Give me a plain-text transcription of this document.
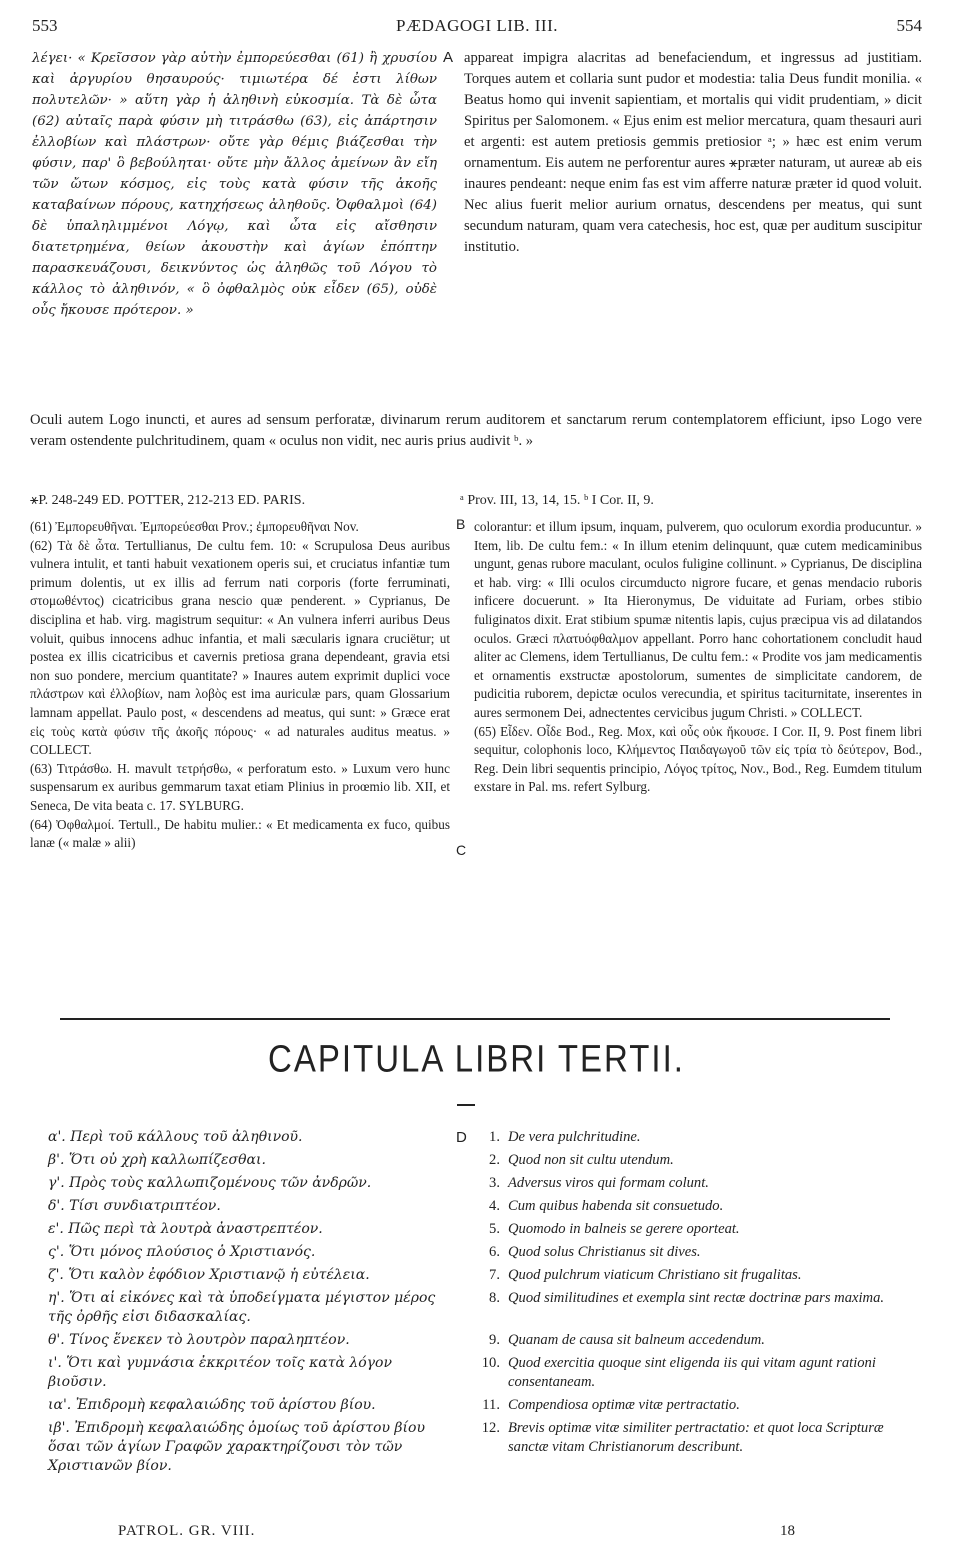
553	PÆDAGOGI LIB. III.	554
λέγει· « Κρεῖσσον γὰρ αὐτὴν ἐμπορεύεσθαι (61) ἢ χρυσίου καὶ ἀργυρίου θησαυρούς· τιμιωτέρα δέ ἐστι λίθων πολυτελῶν· » αὕτη γὰρ ἡ ἀληθινὴ εὐκοσμία. Τὰ δὲ ὦτα (62) αὐταῖς παρὰ φύσιν μὴ τιτράσθω (63), εἰς ἀπάρτησιν ἐλλοβίων καὶ πλάστρων· οὔτε γὰρ θέμις βιάζεσθαι τὴν φύσιν, παρ' ὃ βεβούληται· οὔτε μὴν ἄλλος ἀμείνων ἂν εἴη τῶν ὤτων κόσμος, εἰς τοὺς κατὰ φύσιν τῆς ἀκοῆς καταβαίνων πόρους, κατηχήσεως ἀληθοῦς. Ὀφθαλμοὶ (64) δὲ ὑπαληλιμμένοι Λόγῳ, καὶ ὦτα εἰς αἴσθησιν διατετρημένα, θείων ἀκουστὴν καὶ ἁγίων ἐπόπτην παρασκευάζουσι, δεικνύντος ὡς ἀληθῶς τοῦ Λόγου τὸ κάλλος τὸ ἀληθινόν, « ὃ ὀφθαλμὸς οὐκ εἶδεν (65), οὐδὲ οὖς ἤκουσε πρότερον. »
A appareat impigra alacritas ad benefaciendum, et ingressus ad justitiam. Torques autem et collaria sunt pudor et modestia: talia Deus fundit monilia. « Beatus homo qui invenit sapientiam, et mortalis qui vidit prudentiam, » dicit Spiritus per Salomonem. « Ejus enim est melior mercatura, quam thesauri auri et argenti: est autem pretiosis gemmis pretiosior ᵃ; » hæc est enim verum ornamentum. Eis autem ne perforentur aures ⚹præter naturam, ut aureæ ab eis inaures pendeant: neque enim fas est vim afferre naturæ præter id quod voluit. Nec alius fuerit melior aurium ornatus, descendens per meatus, qui sunt secundum naturam, quam vera catechesis, hoc est, quæ per auditum suscipitur institutio.
Oculi autem Logo inuncti, et aures ad sensum perforatæ, divinarum rerum auditorem et sanctarum rerum contemplatorem efficiunt, ipso Logo vere veram ostendente pulchritudinem, quam « oculus non vidit, nec auris prius audivit ᵇ. »
⚹P. 248-249 ED. POTTER, 212-213 ED. PARIS.	ᵃ Prov. III, 13, 14, 15. ᵇ I Cor. II, 9.
B
C

(61) Ἐμπορευθῆναι. Ἐμπορεύεσθαι Prov.; ἐμπορευθῆναι Nov.

(62) Τὰ δὲ ὦτα. Tertullianus, De cultu fem. 10: « Scrupulosa Deus auribus vulnera intulit, et tanti habuit vexationem operis sui, et cruciatus infantiæ tum primum dolentis, ut ex illis ad ferrum nati corporis (forte ferruminati, στομωθέντος) cicatricibus grana nescio quæ penderent. » Cyprianus, De disciplina et hab. virg. magistrum sequitur: « An vulnera inferri auribus Deus voluit, quibus innocens adhuc infantia, et mali sæcularis ignara cruciëtur; ut postea ex illis cicatricibus et cavernis pretiosa grana dependeant, gravia etsi non suo pondere, mercium quantitate? » Inaures autem exprimit duplici voce πλάστρων καὶ ἐλλοβίων, nam λοβὸς est ima auriculæ pars, quam Glossarium lamnam appellat. Paulo post, « descendens ad meatus, qui sunt: » Græce erat εἰς τοὺς κατὰ φύσιν τῆς ἀκοῆς πόρους· « ad naturales auditus meatus. » COLLECT.

(63) Τιτράσθω. H. mavult τετρήσθω, « perforatum esto. » Luxum vero hunc suspensarum ex auribus gemmarum taxat etiam Plinius in proœmio lib. XII, et Seneca, De vita beata c. 17. SYLBURG.

(64) Ὀφθαλμοί. Tertull., De habitu mulier.: « Et medicamenta ex fuco, quibus lanæ (« malæ » alii)

colorantur: et illum ipsum, inquam, pulverem, quo oculorum exordia producuntur. » Item, lib. De cultu fem.: « In illum etenim delinquunt, quæ cutem medicaminibus ungunt, genas rubore maculant, oculos fuligine collinunt. » Cyprianus, De disciplina et hab. virg: « Illi oculos circumducto nigrore fucare, et genas mendacio ruboris inficere docuerunt. » Ita Hieronymus, De viduitate ad Furiam, orbes stibio fuliginatos dixit. Erat stibium spumæ nitentis lapis, cujus præcipua vis ad dilatandos oculos. Græci πλατυόφθαλμον appellant. Porro hanc cohortationem concludit haud aliter ac Clemens, idem Tertullianus, De cultu fem.: « Prodite vos jam medicamentis et ornamentis exstructæ apostolorum, sumentes de simplicitate candorem, de pudicitia ruborem, depictæ oculos verecundia, et spiritus taciturnitate, inserentes in aures sermonem Dei, adnectentes cervicibus jugum Christi. » COLLECT.

(65) Εἶδεν. Οἶδε Bod., Reg. Mox, καὶ οὖς οὐκ ἤκουσε. I Cor. II, 9. Post finem libri sequitur, colophonis loco, Κλήμεντος Παιδαγωγοῦ τῶν εἰς τρία τὸ δεύτερον, Bod., Reg. Dein libri sequentis principio, Λόγος τρίτος, Nov., Bod., Reg. Eumdem titulum exstare in Pal. ms. refert Sylburg.

CAPITULA LIBRI TERTII.
α'. Περὶ τοῦ κάλλους τοῦ ἀληθινοῦ.
β'. Ὅτι οὐ χρὴ καλλωπίζεσθαι.
γ'. Πρὸς τοὺς καλλωπιζομένους τῶν ἀνδρῶν.
δ'. Τίσι συνδιατριπτέον.
ε'. Πῶς περὶ τὰ λουτρὰ ἀναστρεπτέον.
ς'. Ὅτι μόνος πλούσιος ὁ Χριστιανός.
ζ'. Ὅτι καλὸν ἐφόδιον Χριστιανῷ ἡ εὐτέλεια.
η'. Ὅτι αἱ εἰκόνες καὶ τὰ ὑποδείγματα μέγιστον μέρος τῆς ὀρθῆς εἰσι διδασκαλίας.
θ'. Τίνος ἕνεκεν τὸ λουτρὸν παραληπτέον.
ι'. Ὅτι καὶ γυμνάσια ἐκκριτέον τοῖς κατὰ λόγον βιοῦσιν.
ια'. Ἐπιδρομὴ κεφαλαιώδης τοῦ ἀρίστου βίου.
ιβ'. Ἐπιδρομὴ κεφαλαιώδης ὁμοίως τοῦ ἀρίστου βίου ὅσαι τῶν ἁγίων Γραφῶν χαρακτηρίζουσι τὸν τῶν Χριστιανῶν βίον.
D	1. De vera pulchritudine.
2. Quod non sit cultu utendum.
3. Adversus viros qui formam colunt.
4. Cum quibus habenda sit consuetudo.
5. Quomodo in balneis se gerere oporteat.
6. Quod solus Christianus sit dives.
7. Quod pulchrum viaticum Christiano sit frugalitas.
8. Quod similitudines et exempla sint rectæ doctrinæ pars maxima.
9. Quanam de causa sit balneum accedendum.
10. Quod exercitia quoque sint eligenda iis qui vitam agunt rationi consentaneam.
11. Compendiosa optimæ vitæ pertractatio.
12. Brevis optimæ vitæ similiter pertractatio: et quot loca Scripturæ sanctæ vitam Christianorum describunt.
PATROL. GR. VIII.	18
